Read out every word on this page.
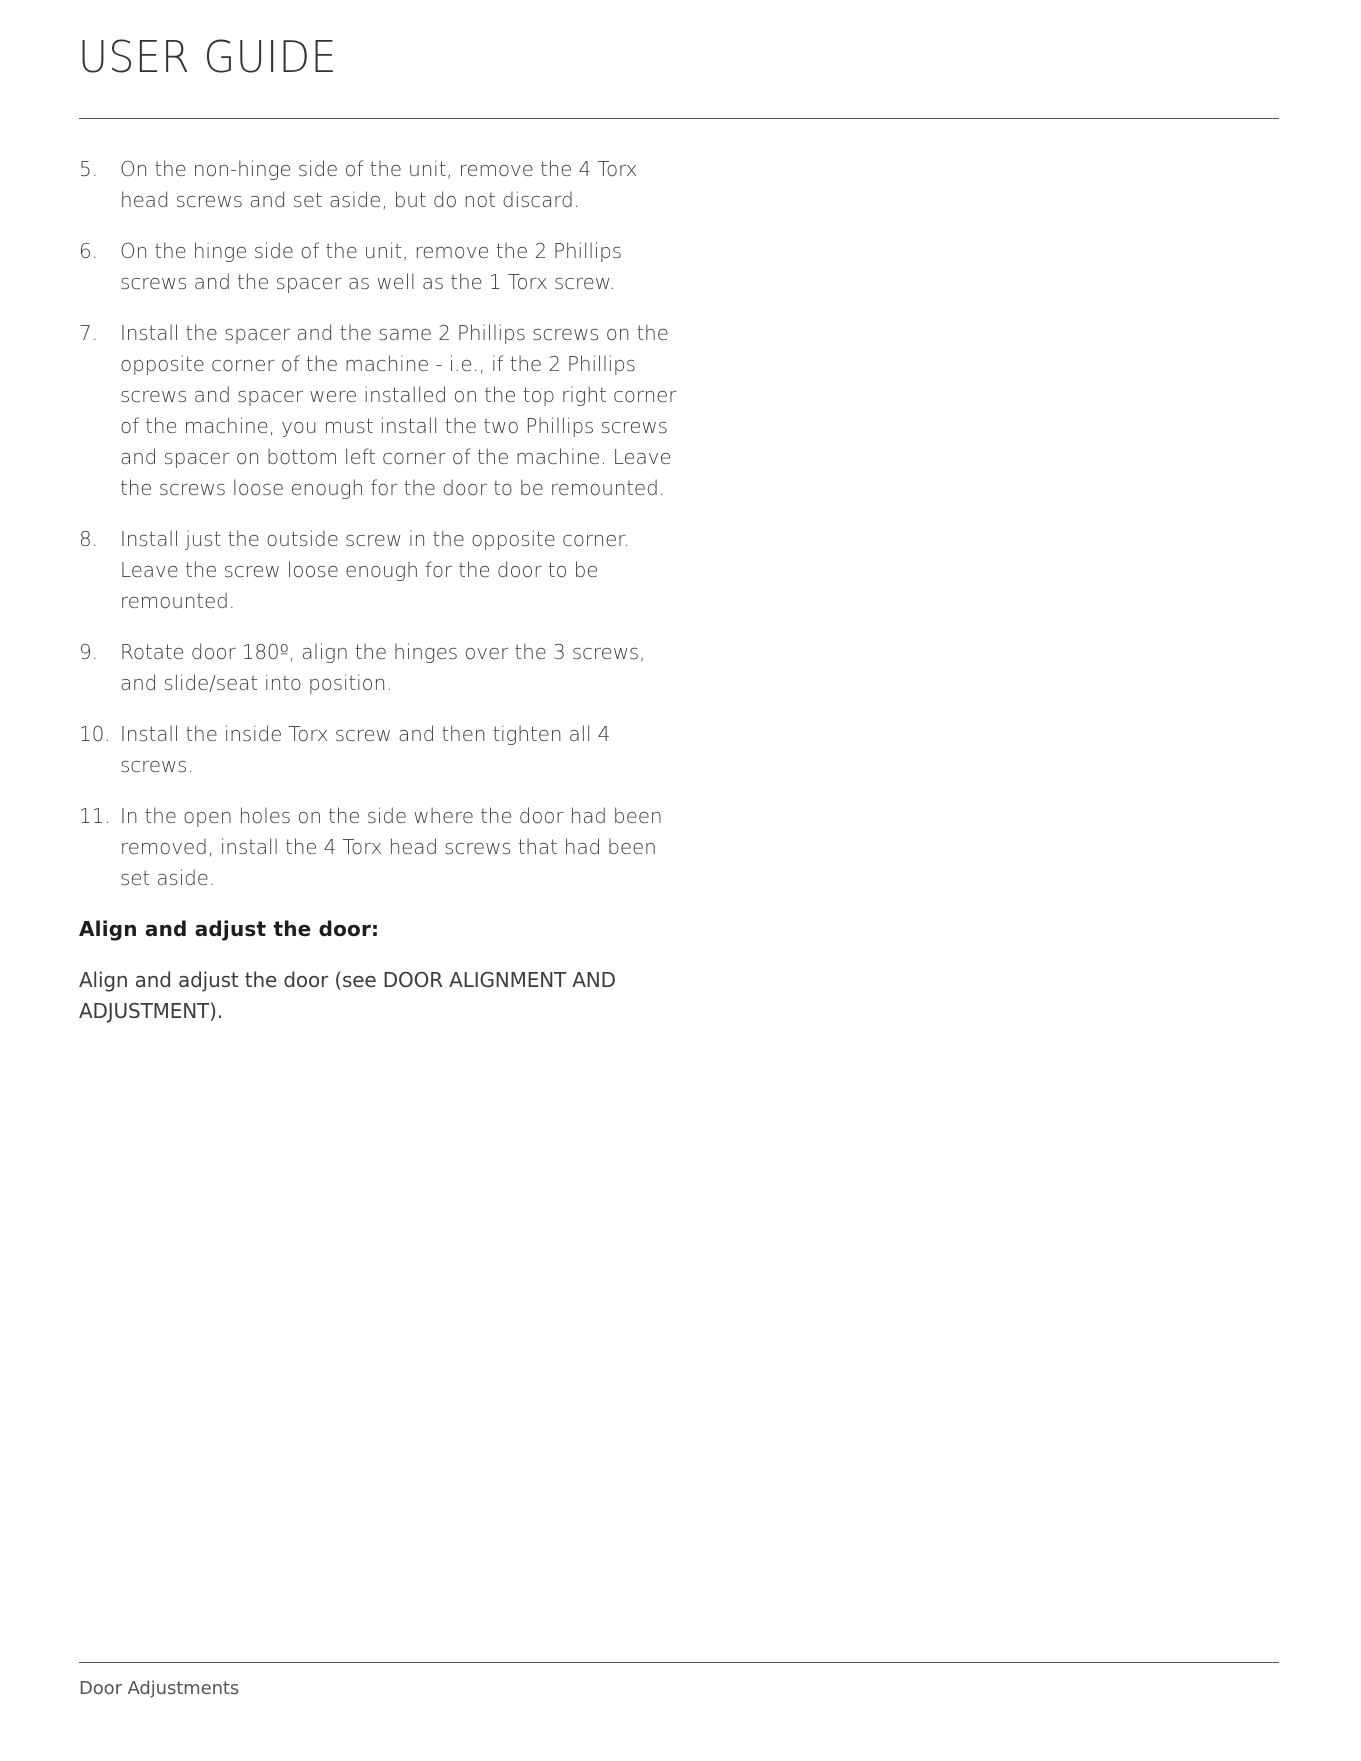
USER GUIDE
5. On the non-hinge side of the unit, remove the 4 Torx head screws and set aside, but do not discard.
6. On the hinge side of the unit, remove the 2 Phillips screws and the spacer as well as the 1 Torx screw.
7. Install the spacer and the same 2 Phillips screws on the opposite corner of the machine - i.e., if the 2 Phillips screws and spacer were installed on the top right corner of the machine, you must install the two Phillips screws and spacer on bottom left corner of the machine. Leave the screws loose enough for the door to be remounted.
8. Install just the outside screw in the opposite corner. Leave the screw loose enough for the door to be remounted.
9. Rotate door 180º, align the hinges over the 3 screws, and slide/seat into position.
10. Install the inside Torx screw and then tighten all 4 screws.
11. In the open holes on the side where the door had been removed, install the 4 Torx head screws that had been set aside.
Align and adjust the door:

Align and adjust the door (see DOOR ALIGNMENT AND ADJUSTMENT).

Door Adjustments
